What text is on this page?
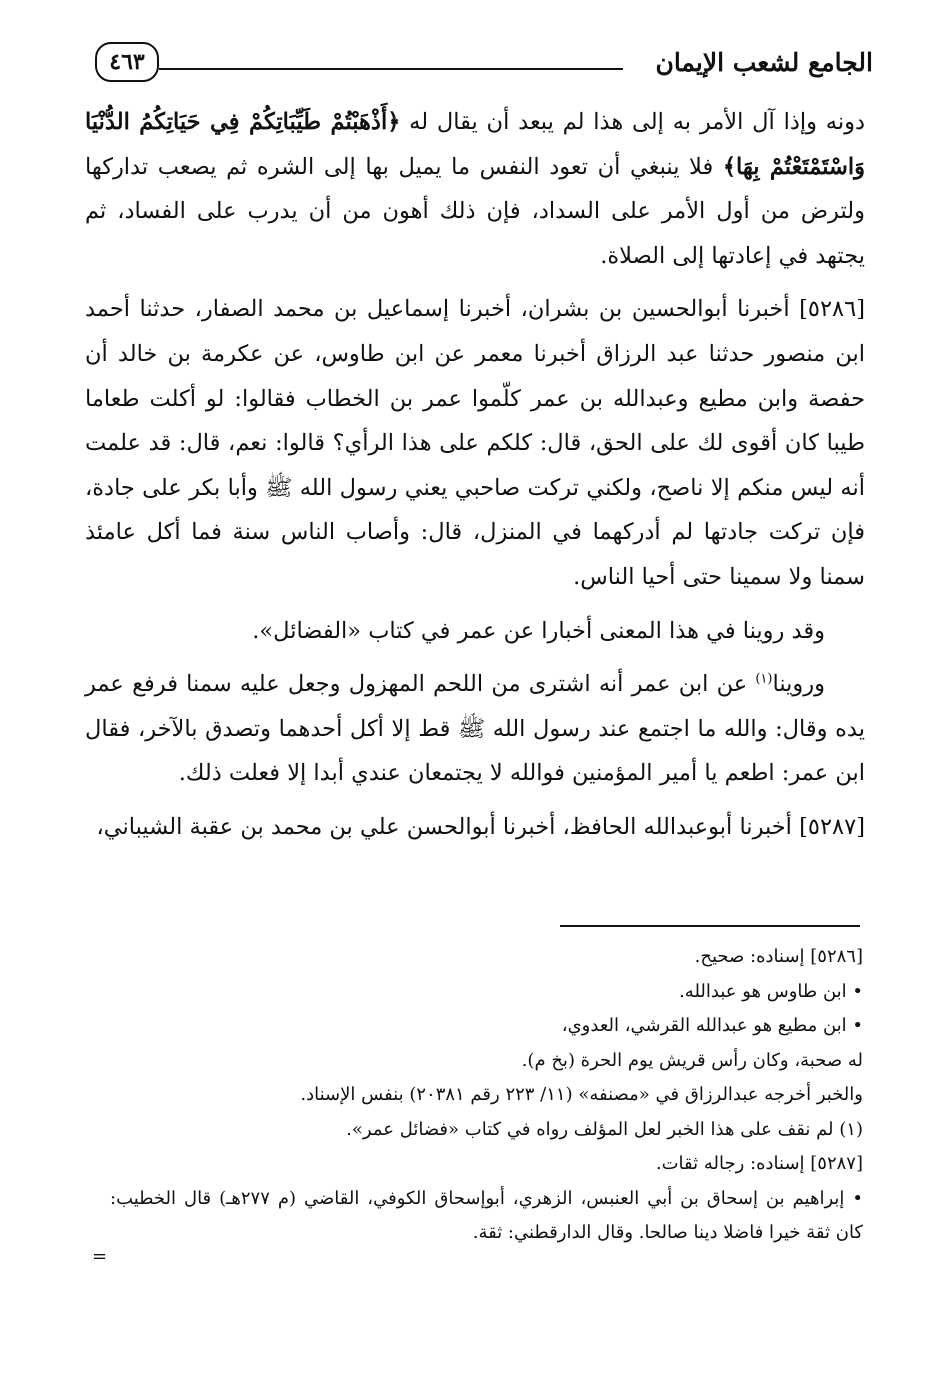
٤٦٣	الجامع لشعب الإيمان

دونه وإذا آل الأمر به إلى هذا لم يبعد أن يقال له ﴿أَذْهَبْتُمْ طَيِّبَاتِكُمْ فِي حَيَاتِكُمُ الدُّنْيَا وَاسْتَمْتَعْتُمْ بِهَا﴾ فلا ينبغي أن تعود النفس ما يميل بها إلى الشره ثم يصعب تداركها ولترض من أول الأمر على السداد، فإن ذلك أهون من أن يدرب على الفساد، ثم يجتهد في إعادتها إلى الصلاة.

[٥٢٨٦] أخبرنا أبوالحسين بن بشران، أخبرنا إسماعيل بن محمد الصفار، حدثنا أحمد ابن منصور حدثنا عبد الرزاق أخبرنا معمر عن ابن طاوس، عن عكرمة بن خالد أن حفصة وابن مطيع وعبدالله بن عمر كلّموا عمر بن الخطاب فقالوا: لو أكلت طعاما طيبا كان أقوى لك على الحق، قال: كلكم على هذا الرأي؟ قالوا: نعم، قال: قد علمت أنه ليس منكم إلا ناصح، ولكني تركت صاحبي يعني رسول الله ﷺ وأبا بكر على جادة، فإن تركت جادتها لم أدركهما في المنزل، قال: وأصاب الناس سنة فما أكل عامئذ سمنا ولا سمينا حتى أحيا الناس.

وقد روينا في هذا المعنى أخبارا عن عمر في كتاب «الفضائل».

وروينا$^{(١)}$ عن ابن عمر أنه اشترى من اللحم المهزول وجعل عليه سمنا فرفع عمر يده وقال: والله ما اجتمع عند رسول الله ﷺ قط إلا أكل أحدهما وتصدق بالآخر، فقال ابن عمر: اطعم يا أمير المؤمنين فوالله لا يجتمعان عندي أبدا إلا فعلت ذلك.

[٥٢٨٧] أخبرنا أبوعبدالله الحافظ، أخبرنا أبوالحسن علي بن محمد بن عقبة الشيباني،

[٥٢٨٦] إسناده: صحيح.
• ابن طاوس هو عبدالله.
• ابن مطيع هو عبدالله القرشي، العدوي،
له صحبة، وكان رأس قريش يوم الحرة (بخ م).
والخبر أخرجه عبدالرزاق في «مصنفه» (١١/ ٢٢٣ رقم ٢٠٣٨١) بنفس الإسناد.
(١) لم نقف على هذا الخبر لعل المؤلف رواه في كتاب «فضائل عمر».
[٥٢٨٧] إسناده: رجاله ثقات.
• إبراهيم بن إسحاق بن أبي العنبس، الزهري، أبوإسحاق الكوفي، القاضي (م ٢٧٧هـ) قال الخطيب: كان ثقة خيرا فاضلا دينا صالحا. وقال الدارقطني: ثقة.
=
